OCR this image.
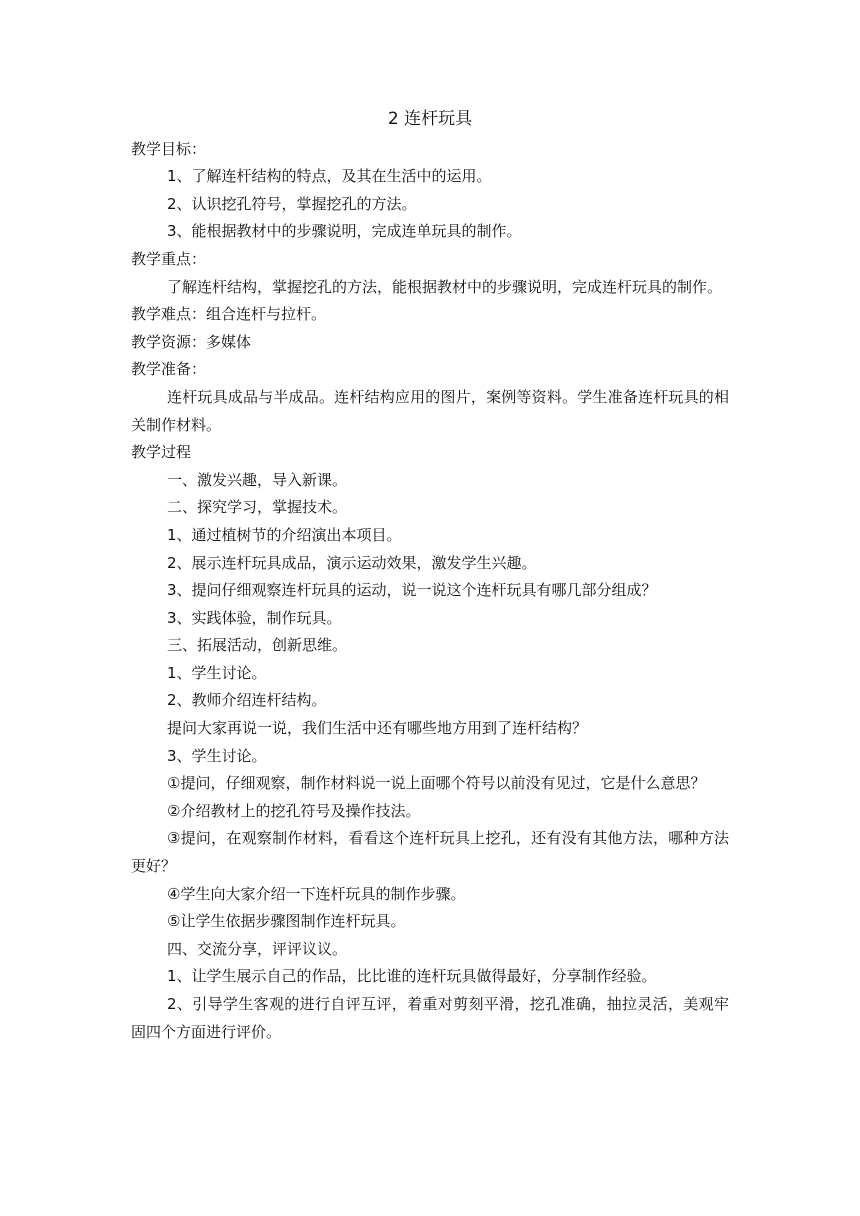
2 连杆玩具
教学目标：
1、了解连杆结构的特点，及其在生活中的运用。
2、认识挖孔符号，掌握挖孔的方法。
3、能根据教材中的步骤说明，完成连单玩具的制作。
教学重点：
了解连杆结构，掌握挖孔的方法，能根据教材中的步骤说明，完成连杆玩具的制作。
教学难点：组合连杆与拉杆。
教学资源：多媒体
教学准备：
连杆玩具成品与半成品。连杆结构应用的图片，案例等资料。学生准备连杆玩具的相关制作材料。
教学过程
一、激发兴趣，导入新课。
二、探究学习，掌握技术。
1、通过植树节的介绍演出本项目。
2、展示连杆玩具成品，演示运动效果，激发学生兴趣。
3、提问仔细观察连杆玩具的运动，说一说这个连杆玩具有哪几部分组成？
3、实践体验，制作玩具。
三、拓展活动，创新思维。
1、学生讨论。
2、教师介绍连杆结构。
提问大家再说一说，我们生活中还有哪些地方用到了连杆结构？
3、学生讨论。
①提问，仔细观察，制作材料说一说上面哪个符号以前没有见过，它是什么意思？
②介绍教材上的挖孔符号及操作技法。
③提问，在观察制作材料，看看这个连杆玩具上挖孔，还有没有其他方法，哪种方法更好？
④学生向大家介绍一下连杆玩具的制作步骤。
⑤让学生依据步骤图制作连杆玩具。
四、交流分享，评评议议。
1、让学生展示自己的作品，比比谁的连杆玩具做得最好，分享制作经验。
2、引导学生客观的进行自评互评，着重对剪刻平滑，挖孔准确，抽拉灵活，美观牢固四个方面进行评价。
